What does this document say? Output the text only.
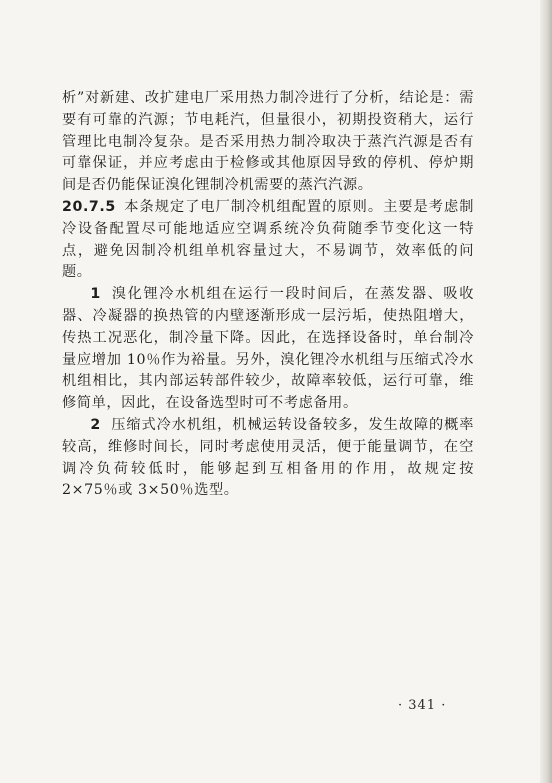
析”对新建、改扩建电厂采用热力制冷进行了分析，结论是：需要有可靠的汽源；节电耗汽，但量很小，初期投资稍大，运行管理比电制冷复杂。是否采用热力制冷取决于蒸汽汽源是否有可靠保证，并应考虑由于检修或其他原因导致的停机、停炉期间是否仍能保证溴化锂制冷机需要的蒸汽汽源。

20.7.5 本条规定了电厂制冷机组配置的原则。主要是考虑制冷设备配置尽可能地适应空调系统冷负荷随季节变化这一特点，避免因制冷机组单机容量过大，不易调节，效率低的问题。

1 溴化锂冷水机组在运行一段时间后，在蒸发器、吸收器、冷凝器的换热管的内壁逐渐形成一层污垢，使热阻增大，传热工况恶化，制冷量下降。因此，在选择设备时，单台制冷量应增加 10％作为裕量。另外，溴化锂冷水机组与压缩式冷水机组相比，其内部运转部件较少，故障率较低，运行可靠，维修简单，因此，在设备选型时可不考虑备用。

2 压缩式冷水机组，机械运转设备较多，发生故障的概率较高，维修时间长，同时考虑使用灵活，便于能量调节，在空调冷负荷较低时，能够起到互相备用的作用，故规定按 2×75％或 3×50％选型。

· 341 ·
